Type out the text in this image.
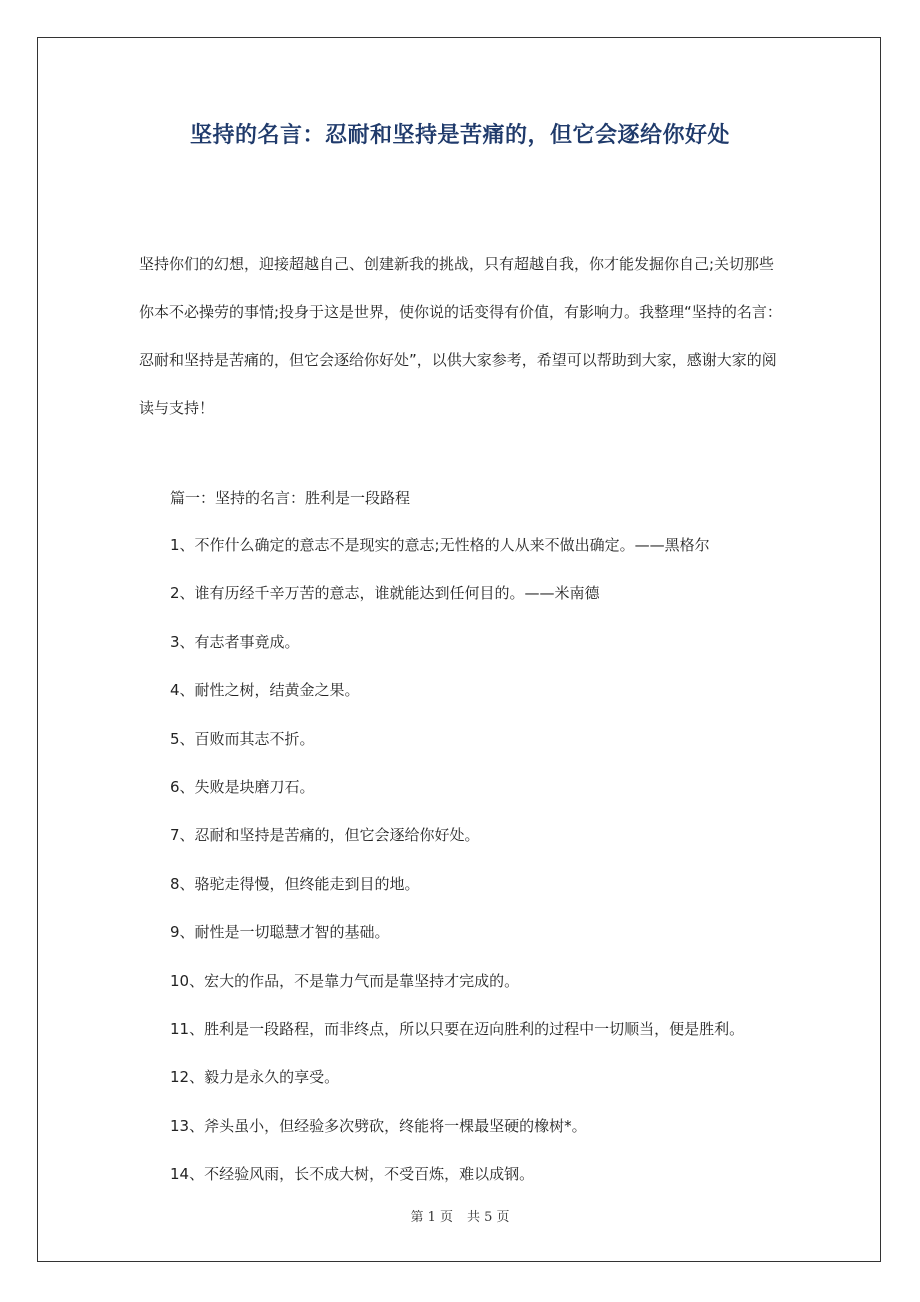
坚持的名言：忍耐和坚持是苦痛的，但它会逐给你好处

坚持你们的幻想，迎接超越自己、创建新我的挑战，只有超越自我，你才能发掘你自己;关切那些你本不必操劳的事情;投身于这是世界，使你说的话变得有价值，有影响力。我整理“坚持的名言：忍耐和坚持是苦痛的，但它会逐给你好处”，以供大家参考，希望可以帮助到大家，感谢大家的阅读与支持！

篇一：坚持的名言：胜利是一段路程
1、不作什么确定的意志不是现实的意志;无性格的人从来不做出确定。——黑格尔
2、谁有历经千辛万苦的意志，谁就能达到任何目的。——米南德
3、有志者事竟成。
4、耐性之树，结黄金之果。
5、百败而其志不折。
6、失败是块磨刀石。
7、忍耐和坚持是苦痛的，但它会逐给你好处。
8、骆驼走得慢，但终能走到目的地。
9、耐性是一切聪慧才智的基础。
10、宏大的作品，不是靠力气而是靠坚持才完成的。
11、胜利是一段路程，而非终点，所以只要在迈向胜利的过程中一切顺当，便是胜利。
12、毅力是永久的享受。
13、斧头虽小，但经验多次劈砍，终能将一棵最坚硬的橡树*。
14、不经验风雨，长不成大树，不受百炼，难以成钢。
第 1 页 共 5 页
